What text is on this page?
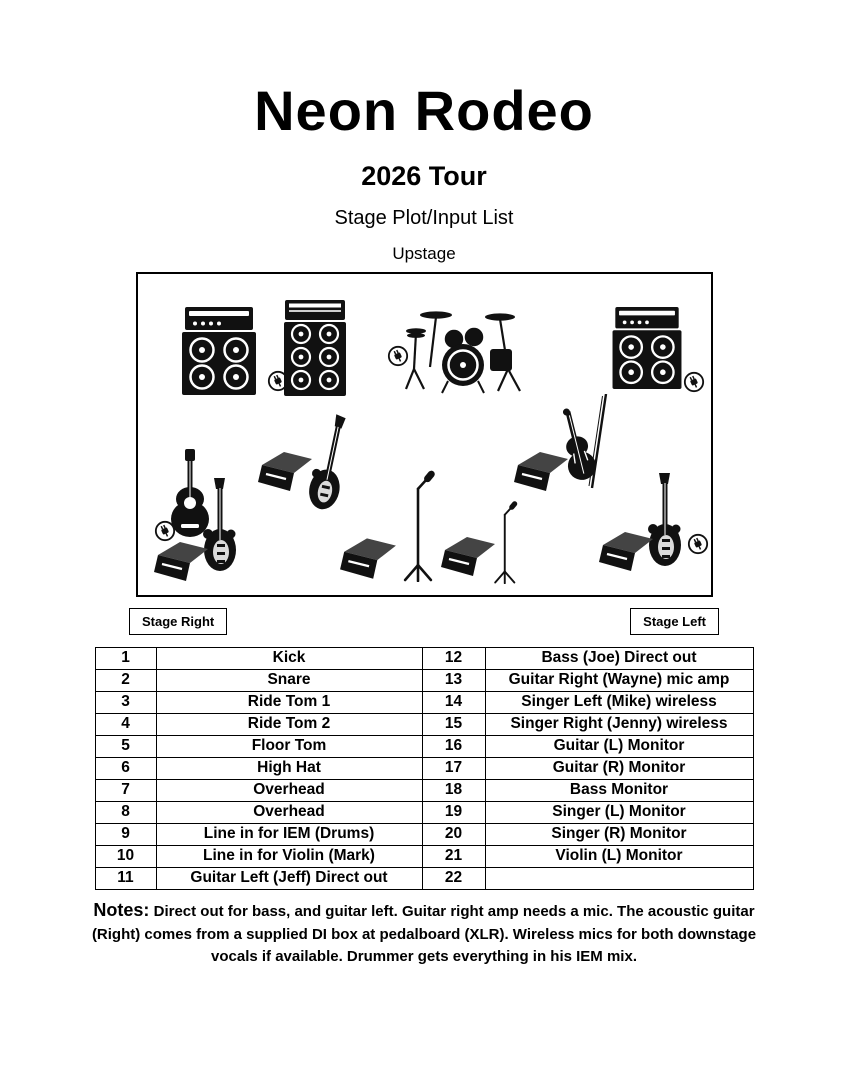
Neon Rodeo
2026 Tour
Stage Plot/Input List
Upstage
Stage Right	Stage Left
1	Kick	12	Bass (Joe) Direct out
2	Snare	13	Guitar Right (Wayne) mic amp
3	Ride Tom 1	14	Singer Left (Mike) wireless
4	Ride Tom 2	15	Singer Right (Jenny) wireless
5	Floor Tom	16	Guitar (L) Monitor
6	High Hat	17	Guitar (R) Monitor
7	Overhead	18	Bass Monitor
8	Overhead	19	Singer (L) Monitor
9	Line in for IEM (Drums)	20	Singer (R) Monitor
10	Line in for Violin (Mark)	21	Violin (L) Monitor
11	Guitar Left (Jeff) Direct out	22	

Notes: Direct out for bass, and guitar left. Guitar right amp needs a mic. The acoustic guitar (Right) comes from a supplied DI box at pedalboard (XLR). Wireless mics for both downstage vocals if available. Drummer gets everything in his IEM mix.
